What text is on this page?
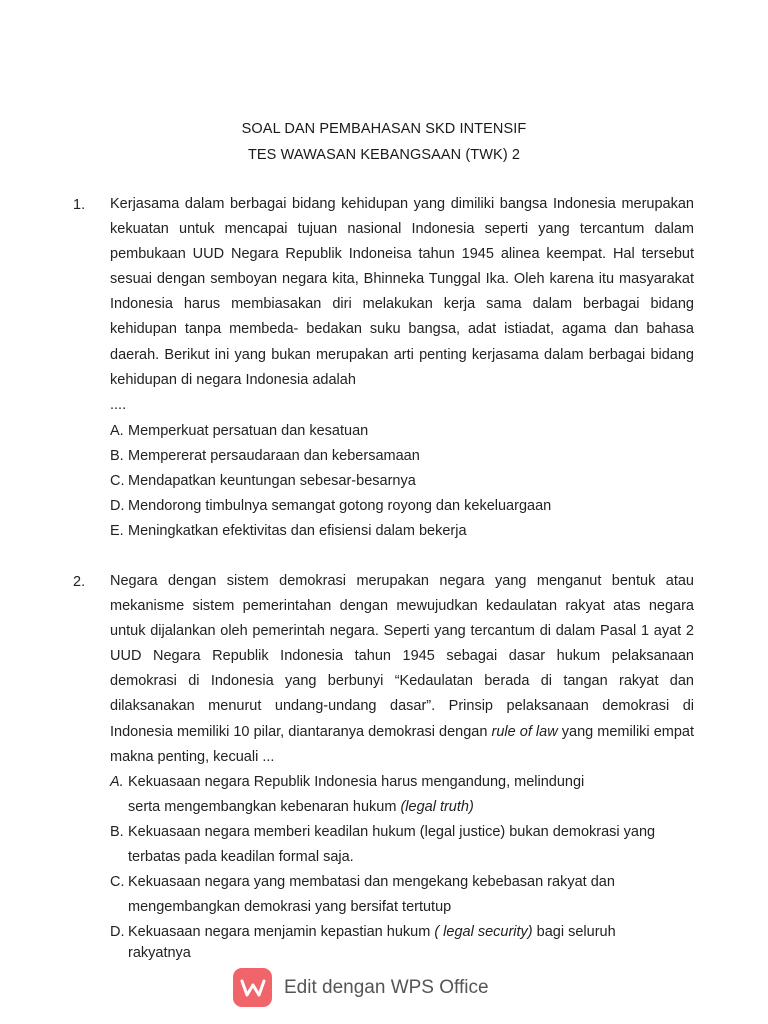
SOAL DAN PEMBAHASAN SKD INTENSIF
TES WAWASAN KEBANGSAAN (TWK) 2
1. Kerjasama dalam berbagai bidang kehidupan yang dimiliki bangsa Indonesia merupakan kekuatan untuk mencapai tujuan nasional Indonesia seperti yang tercantum dalam pembukaan UUD Negara Republik Indoneisa tahun 1945 alinea keempat. Hal tersebut sesuai dengan semboyan negara kita, Bhinneka Tunggal Ika. Oleh karena itu masyarakat Indonesia harus membiasakan diri melakukan kerja sama dalam berbagai bidang kehidupan tanpa membeda- bedakan suku bangsa, adat istiadat, agama dan bahasa daerah. Berikut ini yang bukan merupakan arti penting kerjasama dalam berbagai bidang kehidupan di negara Indonesia adalah
....
A. Memperkuat persatuan dan kesatuan
B. Mempererat persaudaraan dan kebersamaan
C. Mendapatkan keuntungan sebesar-besarnya
D. Mendorong timbulnya semangat gotong royong dan kekeluargaan
E. Meningkatkan efektivitas dan efisiensi dalam bekerja
2. Negara dengan sistem demokrasi merupakan negara yang menganut bentuk atau mekanisme sistem pemerintahan dengan mewujudkan kedaulatan rakyat atas negara untuk dijalankan oleh pemerintah negara. Seperti yang tercantum di dalam Pasal 1 ayat 2 UUD Negara Republik Indonesia tahun 1945 sebagai dasar hukum pelaksanaan demokrasi di Indonesia yang berbunyi “Kedaulatan berada di tangan rakyat dan dilaksanakan menurut undang-undang dasar”. Prinsip pelaksanaan demokrasi di Indonesia memiliki 10 pilar, diantaranya demokrasi dengan rule of law yang memiliki empat makna penting, kecuali ...
A. Kekuasaan negara Republik Indonesia harus mengandung, melindungi
serta mengembangkan kebenaran hukum (legal truth)
B. Kekuasaan negara memberi keadilan hukum (legal justice) bukan demokrasi yang
terbatas pada keadilan formal saja.
C. Kekuasaan negara yang membatasi dan mengekang kebebasan rakyat dan
mengembangkan demokrasi yang bersifat tertutup
D. Kekuasaan negara menjamin kepastian hukum ( legal security) bagi seluruh
rakyatnya
Edit dengan WPS Office
